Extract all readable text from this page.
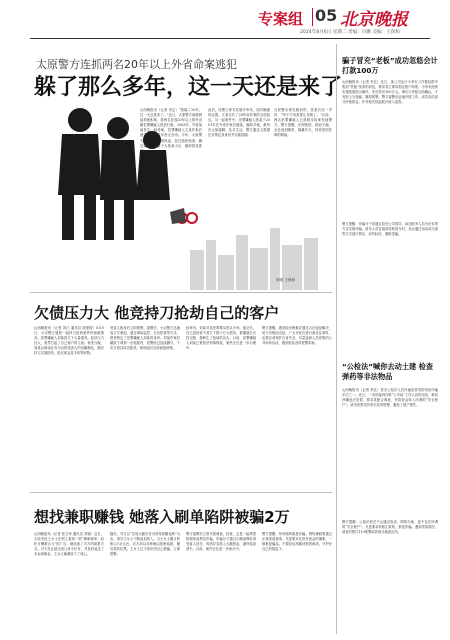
专案组 05 北京晚报
2024年8月6日 星期二 责编：冯鹏 美编：王保和
太原警方连抓两名20年以上外省命案逃犯
躲了那么多年，这一天还是来了
山西晚报讯（记者 李玄）“我躲了20年，这一天还是来了。”近日，太原警方侦破两起命案积案，将两名在逃20年以上的外省籍犯罪嫌疑人抓获归案。2003年，外省某地发生一起命案，犯罪嫌疑人王某作案后潜逃，此后多年杳无音讯。今年，太原警方在工作中发现线索，经过缜密侦查，确定嫌疑人藏匿于太原某小区，随即将其抓获。
此后，民警立即对其展开审讯，面对确凿的证据，王某交代了20年前作案的全部经过。另一起案件中，犯罪嫌疑人张某于2001年在外省作案后潜逃，辗转多地，最终在太原落脚，化名生活。警方通过大数据比对锁定其身份并实施抓捕。
当民警出现在眼前时，张某长叹一声说：“终于不用再提心吊胆了。”目前，两名犯罪嫌疑人已被移交给案发地警方。警方提醒，法网恢恢，疏而不漏，无论逃到哪里、躲藏多久，终将受到法律的制裁。
制图 王保和
骗子冒充“老板”成功忽悠会计打款100万
山西晚报讯（记者 李玄）近日，某公司会计小李在工作微信群中收到“老板”发来的消息，要求其立即向指定账户转账。小李未经核实便按照指示操作，先后转出100万元。事后与老板当面确认，才发现上当受骗，随即报警。警方接警后迅速开展工作，成功冻结部分涉案资金，并对相关线索展开深入追查。
警方提醒：诈骗分子常通过冒充公司领导、添加财务人员为好友等方式实施诈骗。财务人员在接到转账指令时，务必通过电话或当面等方式进行核实，切勿轻信，谨防受骗。
“公检法”喊你去动土建 检查弹药等非法物品
山西晚报讯（记者 李玄）冒充公检法人员诈骗是常见的电信诈骗手法之一。近日，一市民接到自称“公安局”工作人员的电话，称其涉嫌违法犯罪，要求其配合调查，并将资金转入所谓的“安全账户”。该市民察觉异常后及时报警，避免了财产损失。
警方提醒：公检法机关不会通过电话、网络办案，更不存在所谓的“安全账户”。凡是要求转账汇款的，都是诈骗。遇到类似情况，请及时拨打110报警或咨询当地派出所。
欠债压力大 他竞持刀抢劫自己的客户
山西晚报讯（记者 刘江 通讯员 段建坡）8月5日，小店警方通报一起持刀抢劫案件的侦破情况。犯罪嫌疑人刘某因欠下大量债务，经济压力巨大，竟然打起了自己客户的主意。案发当晚，刘某以商谈业务为由将受害人约至僻静处，随后持刀实施抢劫，抢走现金及手机等财物。
受害人脱身后立即报警。接警后，小店警方迅速成立专案组，通过调取监控、走访排查等方式，很快锁定了犯罪嫌疑人刘某的身份。刘某作案后藏匿于城郊一出租屋内，民警经过连续蹲守，于次日将其成功抓获，现场追回全部被抢财物。
经审讯，刘某对其犯罪事实供认不讳。他交代，自己因经营不善欠下数十万元债务，被催债后走投无路，便萌生了抢劫的念头。目前，犯罪嫌疑人刘某已被依法刑事拘留，案件正在进一步办理中。
警方提醒，遇到经济困难应通过合法途径解决，切不可铤而走险。广大市民在进行商业往来时，也要注意保护自身安全，尽量选择人员密集的公共场所洽谈，遇到危险及时报警求助。
想找兼职赚钱 她落入刷单陷阱被骗2万
山西晚报讯（记者 张文军 通讯员 刘颖）近日，太原市民王女士在网上看到一则“兼职刷单、轻松日赚数百元”的广告，便添加了对方的联系方式。对方先让她完成几单小任务，并及时返还了本金和佣金，王女士渐渐放下了戒心。
随后，对方以“完成大额任务可获得高额返利”为由，诱导王女士不断追加投入。当王女士累计转账2万余元后，对方却以各种理由拒绝返款，随后将其拉黑。王女士这才意识到自己被骗，立即报警。
警方接警后立即开展调查。经查，这是一起典型的刷单返利类诈骗。诈骗分子通过小额返利取得受害人信任，再诱导其投入大额资金，最终卷款消失。目前，案件正在进一步侦办中。
警方提醒：所有刷单都是诈骗。网络兼职要通过正规渠道查询，凡是要求先垫付资金的兼职，一律都是骗局。不要轻信高额回报的承诺，守护好自己的钱袋子。
